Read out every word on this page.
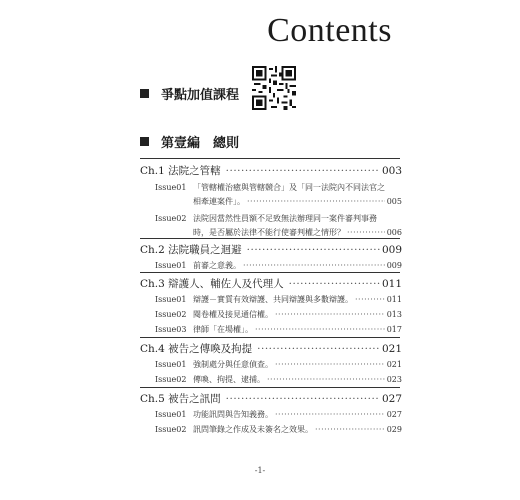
Contents
爭點加值課程
第壹編　總則
Ch.1 法院之管轄 ·····	003
Issue01 「管轄權治癒與管轄競合」及「同一法院內不同法官之
相牽連案件」。 ·····	005
Issue02 法院因當然性員額不足致無法辦理同一案件審判事務
時，是否屬於法律不能行使審判權之情形？ ·····	006
Ch.2 法院職員之迴避 ·····	009
Issue01 前審之意義。 ·····	009
Ch.3 辯護人、輔佐人及代理人 ·····	011
Issue01 辯護－實質有效辯護、共同辯護與多數辯護。 ·····	011
Issue02 閱卷權及接見通信權。 ·····	013
Issue03 律師「在場權」。 ·····	017
Ch.4 被告之傳喚及拘提 ·····	021
Issue01 強制處分與任意偵查。 ·····	021
Issue02 傳喚、拘提、逮捕。 ·····	023
Ch.5 被告之訊問 ·····	027
Issue01 功能訊問與告知義務。 ·····	027
Issue02 訊問筆錄之作成及未簽名之效果。 ·····	029
-1-
